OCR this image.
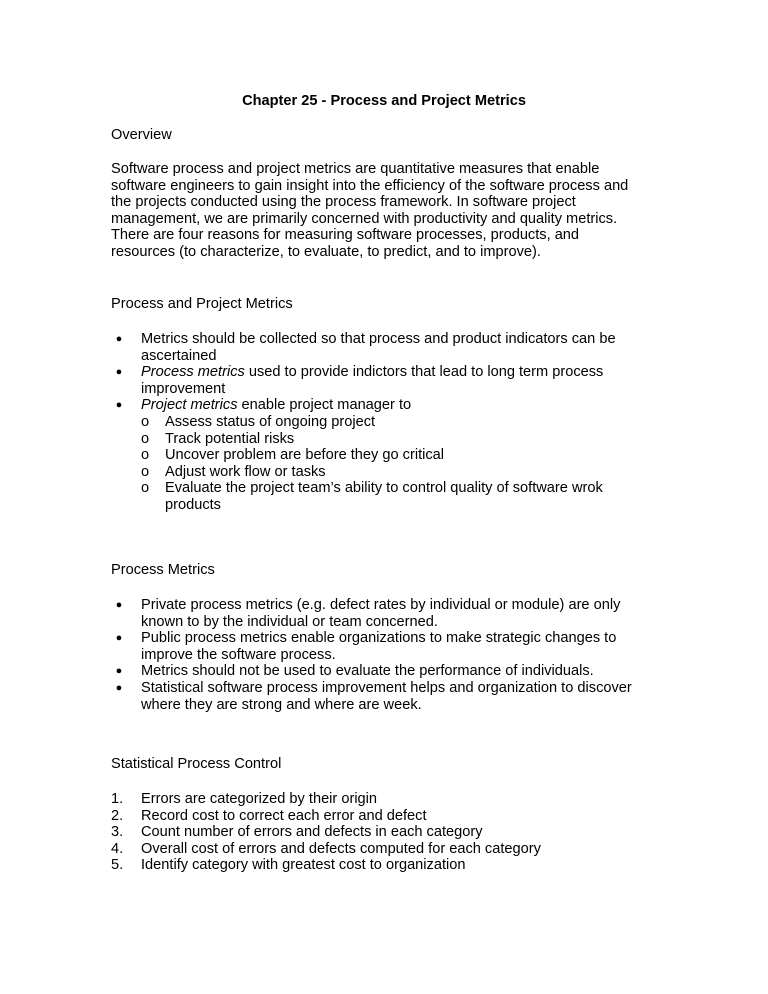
Chapter 25 - Process and Project Metrics
Overview
Software process and project metrics are quantitative measures that enable
software engineers to gain insight into the efficiency of the software process and
the projects conducted using the process framework. In software project
management, we are primarily concerned with productivity and quality metrics.
There are four reasons for measuring software processes, products, and
resources (to characterize, to evaluate, to predict, and to improve).
Process and Project Metrics
● Metrics should be collected so that process and product indicators can be
ascertained
● Process metrics used to provide indictors that lead to long term process
improvement
● Project metrics enable project manager to
o Assess status of ongoing project
o Track potential risks
o Uncover problem are before they go critical
o Adjust work flow or tasks
o Evaluate the project team’s ability to control quality of software wrok
products
Process Metrics
● Private process metrics (e.g. defect rates by individual or module) are only
known to by the individual or team concerned.
● Public process metrics enable organizations to make strategic changes to
improve the software process.
● Metrics should not be used to evaluate the performance of individuals.
● Statistical software process improvement helps and organization to discover
where they are strong and where are week.
Statistical Process Control
1. Errors are categorized by their origin
2. Record cost to correct each error and defect
3. Count number of errors and defects in each category
4. Overall cost of errors and defects computed for each category
5. Identify category with greatest cost to organization
